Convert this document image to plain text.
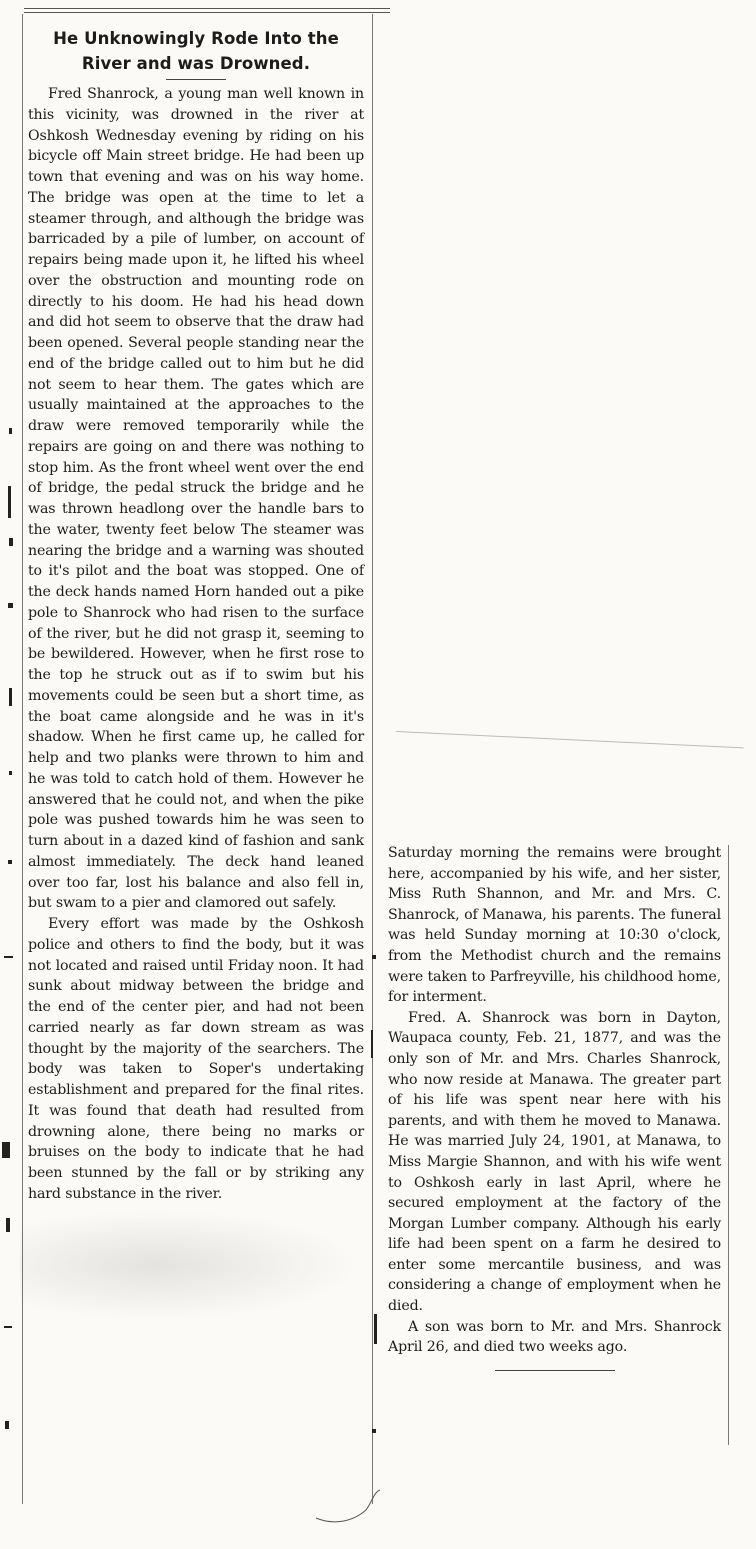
He Unknowingly Rode Into the
River and was Drowned.

Fred Shanrock, a young man well known in this vicinity, was drowned in the river at Oshkosh Wednesday evening by riding on his bicycle off Main street bridge. He had been up town that evening and was on his way home. The bridge was open at the time to let a steamer through, and although the bridge was barricaded by a pile of lumber, on account of repairs being made upon it, he lifted his wheel over the obstruction and mounting rode on directly to his doom. He had his head down and did hot seem to observe that the draw had been opened. Several people standing near the end of the bridge called out to him but he did not seem to hear them. The gates which are usually maintained at the approaches to the draw were removed temporarily while the repairs are going on and there was nothing to stop him. As the front wheel went over the end of bridge, the pedal struck the bridge and he was thrown headlong over the handle bars to the water, twenty feet below The steamer was nearing the bridge and a warning was shouted to it's pilot and the boat was stopped. One of the deck hands named Horn handed out a pike pole to Shanrock who had risen to the surface of the river, but he did not grasp it, seeming to be bewildered. However, when he first rose to the top he struck out as if to swim but his movements could be seen but a short time, as the boat came alongside and he was in it's shadow. When he first came up, he called for help and two planks were thrown to him and he was told to catch hold of them. However he answered that he could not, and when the pike pole was pushed towards him he was seen to turn about in a dazed kind of fashion and sank almost immediately. The deck hand leaned over too far, lost his balance and also fell in, but swam to a pier and clamored out safely.

Every effort was made by the Oshkosh police and others to find the body, but it was not located and raised until Friday noon. It had sunk about midway between the bridge and the end of the center pier, and had not been carried nearly as far down stream as was thought by the majority of the searchers. The body was taken to Soper's undertaking establishment and prepared for the final rites. It was found that death had resulted from drowning alone, there being no marks or bruises on the body to indicate that he had been stunned by the fall or by striking any hard substance in the river.

Saturday morning the remains were brought here, accompanied by his wife, and her sister, Miss Ruth Shannon, and Mr. and Mrs. C. Shanrock, of Manawa, his parents. The funeral was held Sunday morning at 10:30 o'clock, from the Methodist church and the remains were taken to Parfreyville, his childhood home, for interment.

Fred. A. Shanrock was born in Dayton, Waupaca county, Feb. 21, 1877, and was the only son of Mr. and Mrs. Charles Shanrock, who now reside at Manawa. The greater part of his life was spent near here with his parents, and with them he moved to Manawa. He was married July 24, 1901, at Manawa, to Miss Margie Shannon, and with his wife went to Oshkosh early in last April, where he secured employment at the factory of the Morgan Lumber company. Although his early life had been spent on a farm he desired to enter some mercantile business, and was considering a change of employment when he died.

A son was born to Mr. and Mrs. Shanrock April 26, and died two weeks ago.
